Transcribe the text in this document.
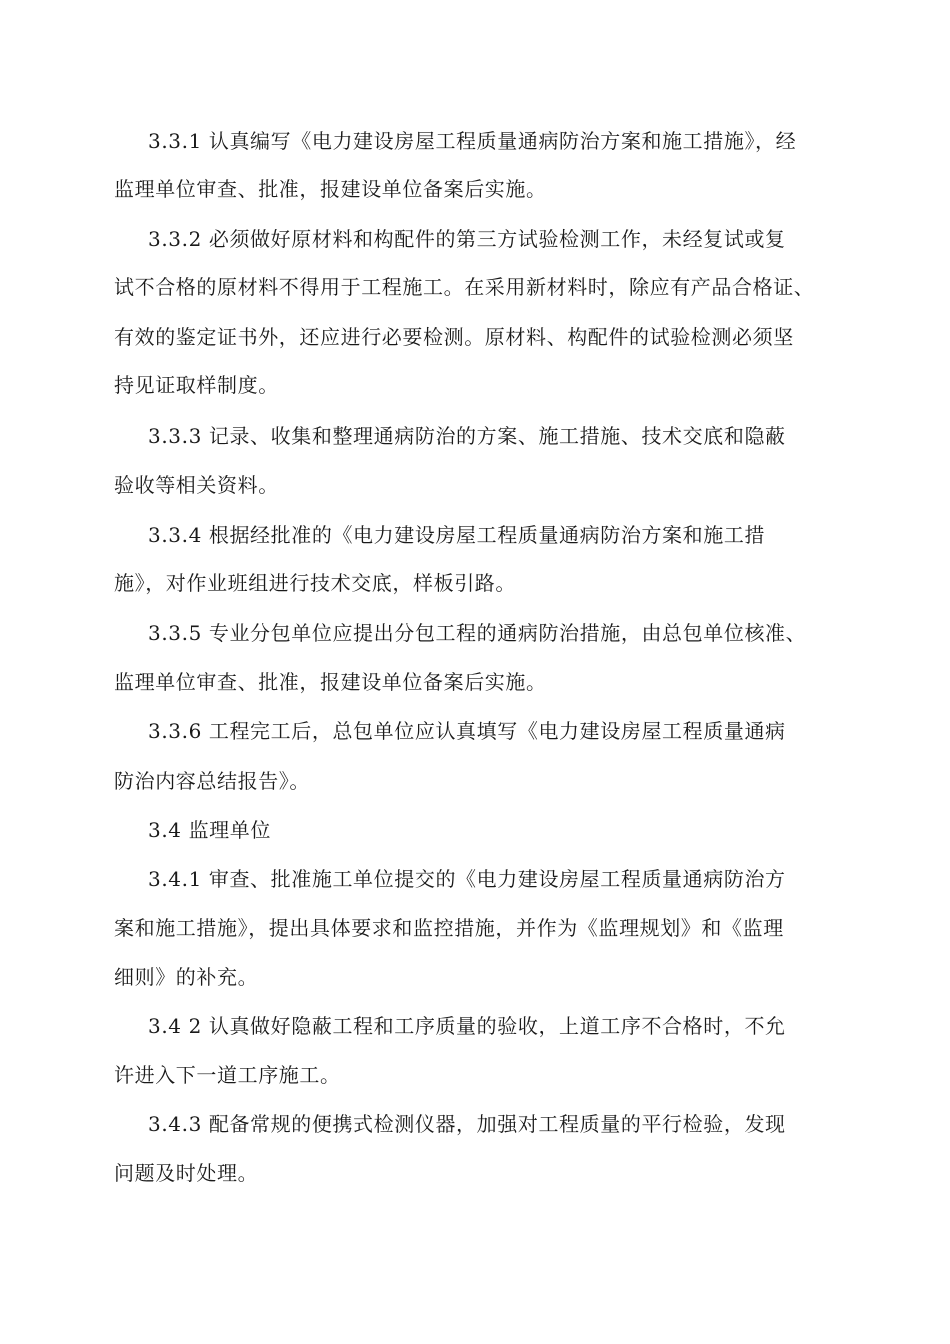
3.3.1 认真编写《电力建设房屋工程质量通病防治方案和施工措施》，经
监理单位审查、批准，报建设单位备案后实施。
3.3.2 必须做好原材料和构配件的第三方试验检测工作，未经复试或复
试不合格的原材料不得用于工程施工。在采用新材料时，除应有产品合格证、
有效的鉴定证书外，还应进行必要检测。原材料、构配件的试验检测必须坚
持见证取样制度。
3.3.3 记录、收集和整理通病防治的方案、施工措施、技术交底和隐蔽
验收等相关资料。
3.3.4 根据经批准的《电力建设房屋工程质量通病防治方案和施工措
施》，对作业班组进行技术交底，样板引路。
3.3.5 专业分包单位应提出分包工程的通病防治措施，由总包单位核准、
监理单位审查、批准，报建设单位备案后实施。
3.3.6 工程完工后，总包单位应认真填写《电力建设房屋工程质量通病
防治内容总结报告》。
3.4 监理单位
3.4.1 审查、批准施工单位提交的《电力建设房屋工程质量通病防治方
案和施工措施》，提出具体要求和监控措施，并作为《监理规划》和《监理
细则》的补充。
3.4 2 认真做好隐蔽工程和工序质量的验收，上道工序不合格时，不允
许进入下一道工序施工。
3.4.3 配备常规的便携式检测仪器，加强对工程质量的平行检验，发现
问题及时处理。
